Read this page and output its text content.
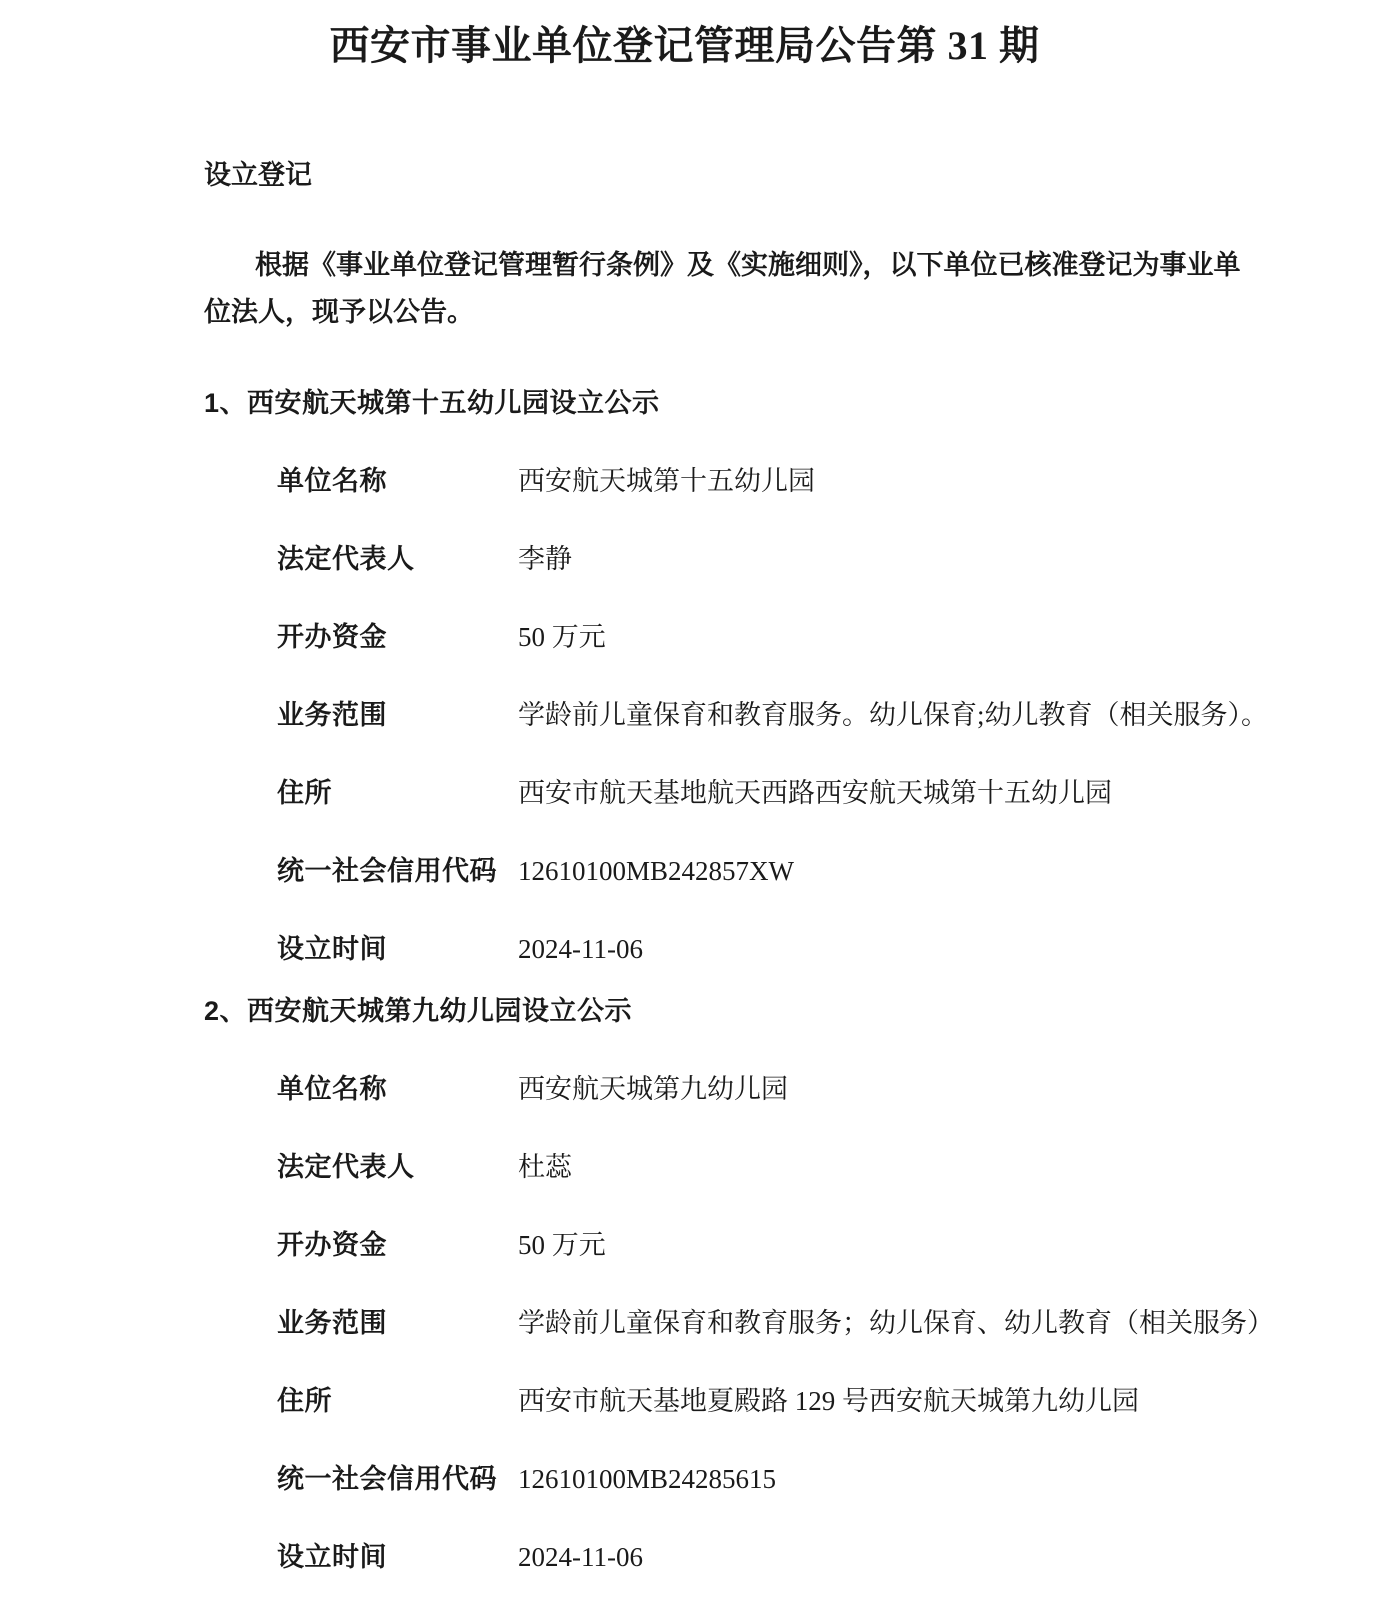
西安市事业单位登记管理局公告第 31 期
设立登记
根据《事业单位登记管理暂行条例》及《实施细则》，以下单位已核准登记为事业单
位法人，现予以公告。
1、西安航天城第十五幼儿园设立公示
单位名称	西安航天城第十五幼儿园
法定代表人	李静
开办资金	50 万元
业务范围	学龄前儿童保育和教育服务。幼儿保育;幼儿教育（相关服务）。
住所	西安市航天基地航天西路西安航天城第十五幼儿园
统一社会信用代码 12610100MB242857XW
设立时间	2024-11-06
2、西安航天城第九幼儿园设立公示
单位名称	西安航天城第九幼儿园
法定代表人	杜蕊
开办资金	50 万元
业务范围	学龄前儿童保育和教育服务；幼儿保育、幼儿教育（相关服务）
住所	西安市航天基地夏殿路 129 号西安航天城第九幼儿园
统一社会信用代码 12610100MB24285615
设立时间	2024-11-06
